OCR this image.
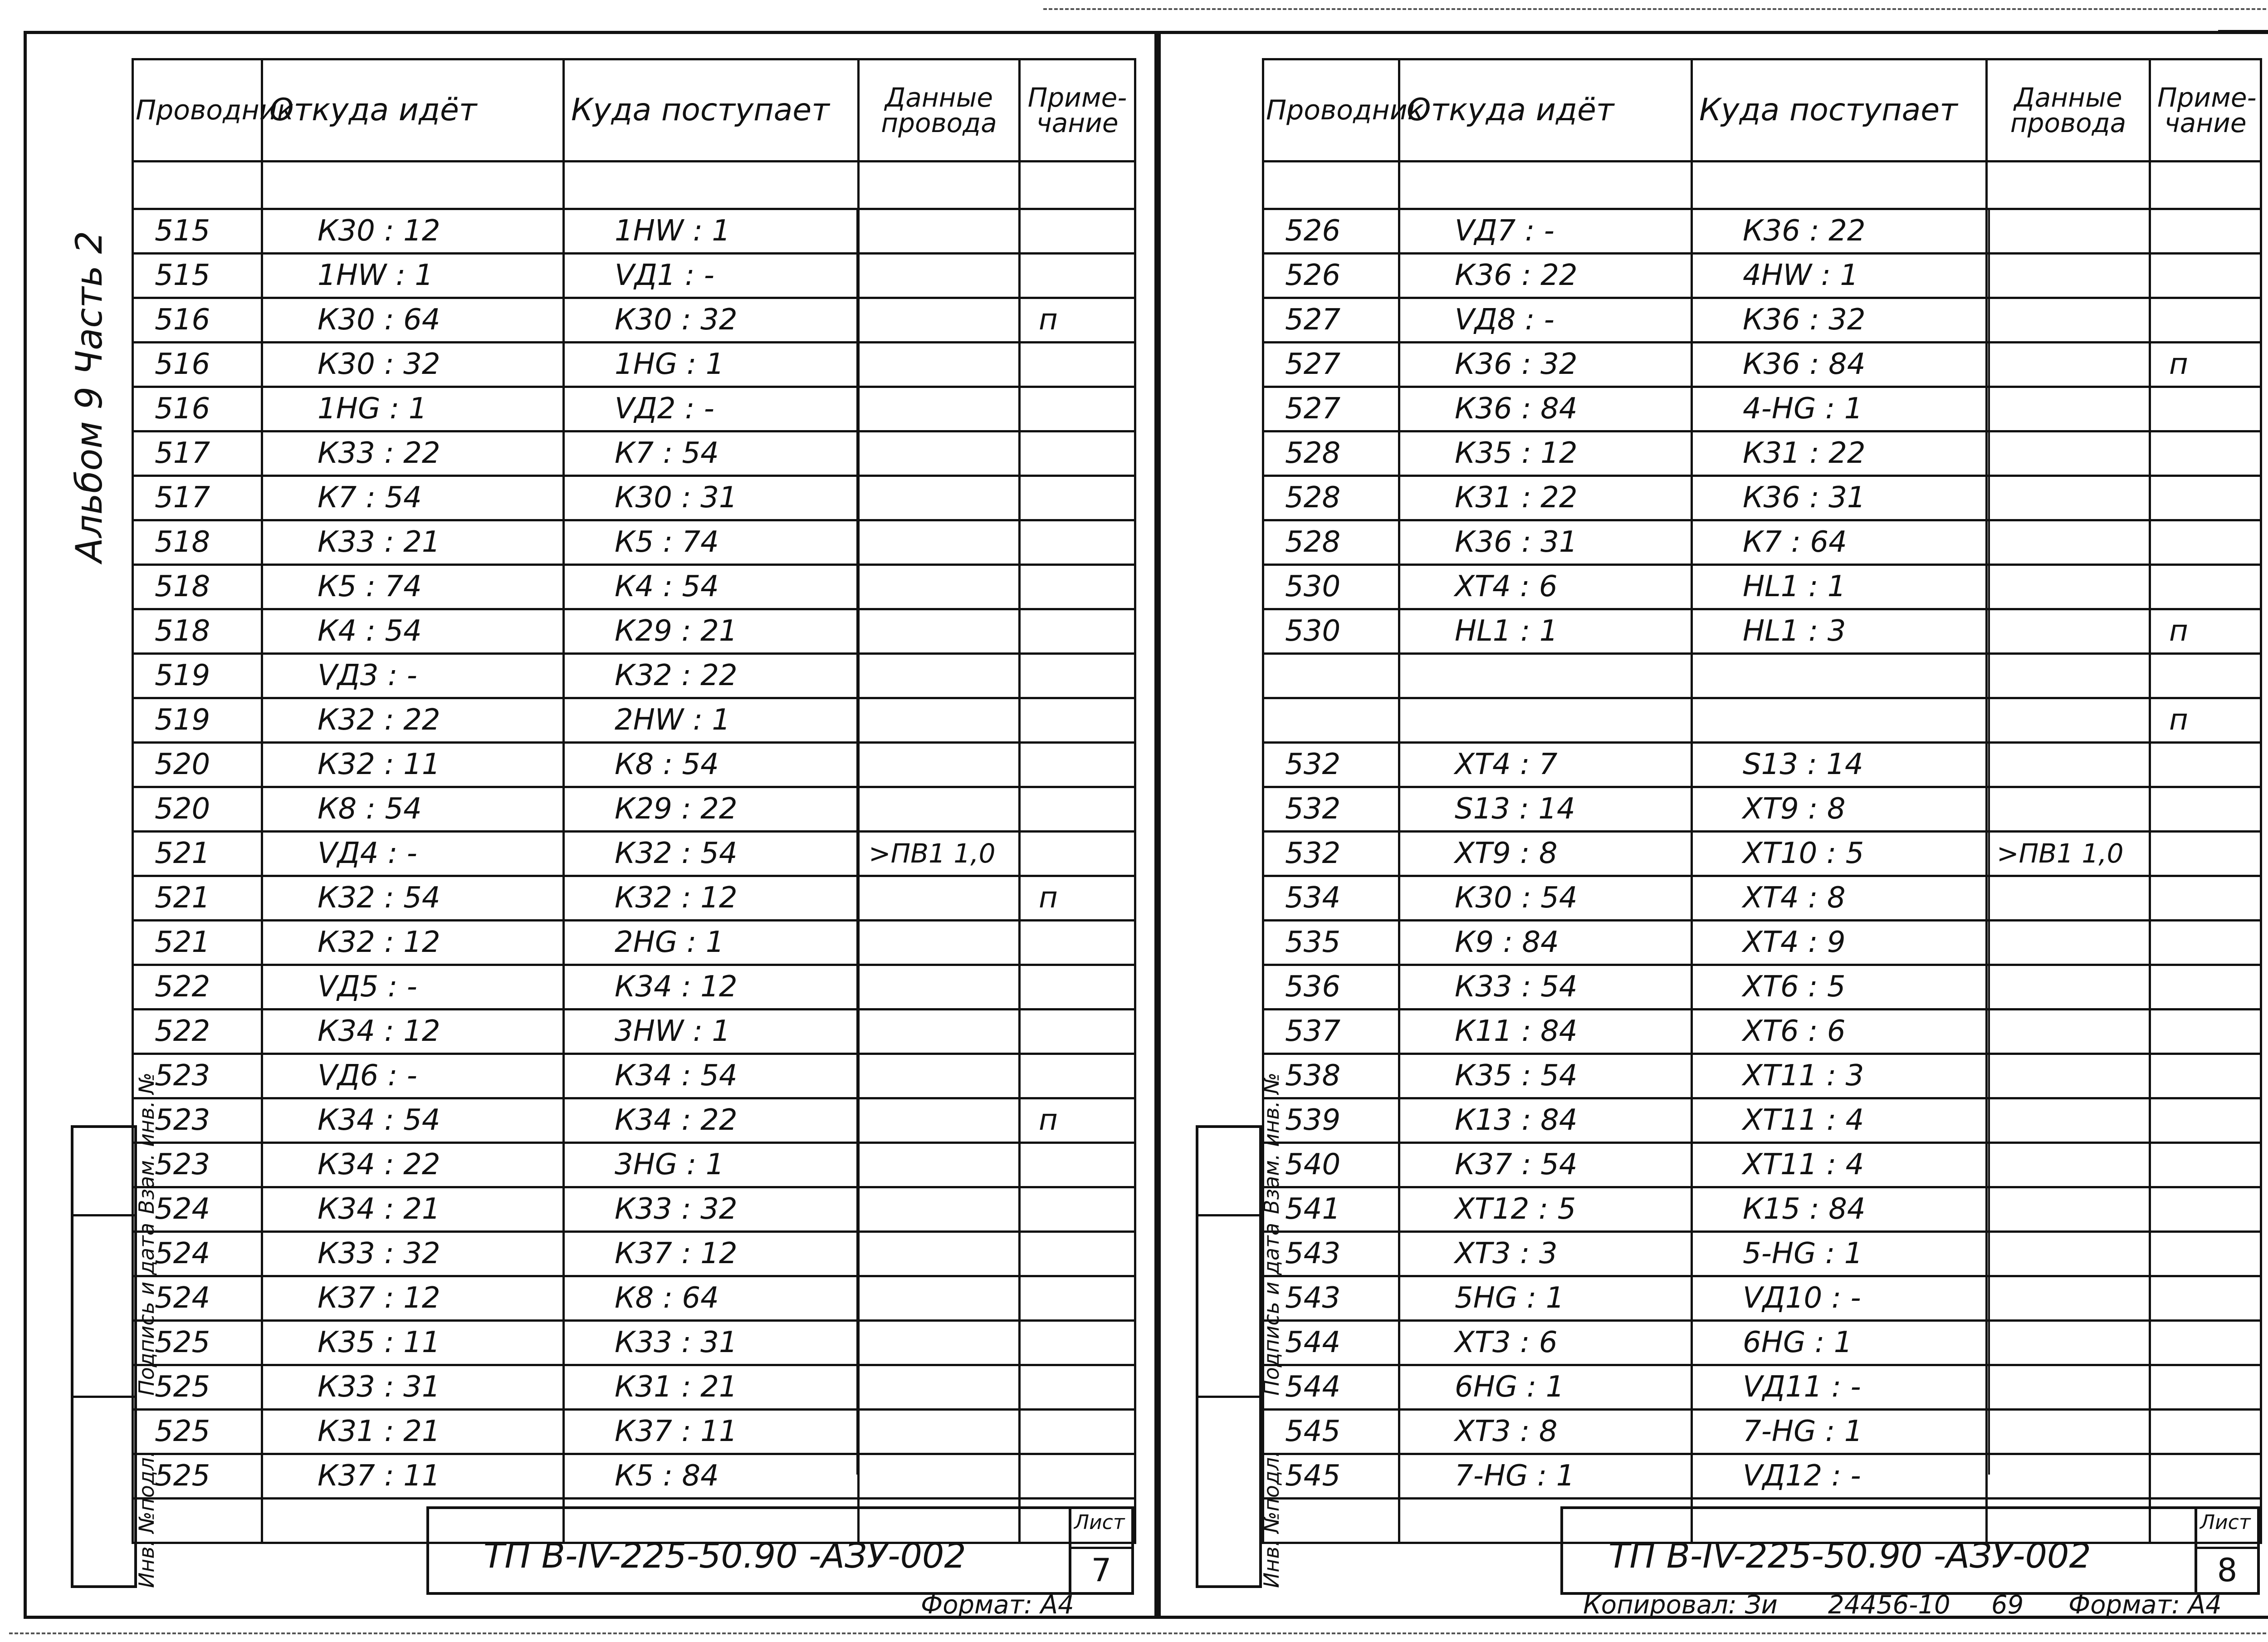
Альбом 9 Часть 2
Взам. инв. №
Подпись и дата
Инв. №подл.
Проводник	Откуда идёт	Куда поступает	Данные провода	Приме- чание

515	К30 : 12	1HW : 1		
515	1HW : 1	VД1 : -		
516	К30 : 64	К30 : 32		п
516	К30 : 32	1HG : 1		
516	1HG : 1	VД2 : -		
517	К33 : 22	К7 : 54		
517	К7 : 54	К30 : 31		
518	К33 : 21	К5 : 74		
518	К5 : 74	К4 : 54		
518	К4 : 54	К29 : 21		
519	VД3 : -	К32 : 22		
519	К32 : 22	2HW : 1		
520	К32 : 11	К8 : 54		
520	К8 : 54	К29 : 22		
521	VД4 : -	К32 : 54	>ПВ1 1,0	
521	К32 : 54	К32 : 12		п
521	К32 : 12	2HG : 1		
522	VД5 : -	К34 : 12		
522	К34 : 12	3HW : 1		
523	VД6 : -	К34 : 54		
523	К34 : 54	К34 : 22		п
523	К34 : 22	3HG : 1		
524	К34 : 21	К33 : 32		
524	К33 : 32	К37 : 12		
524	К37 : 12	К8 : 64		
525	К35 : 11	К33 : 31		
525	К33 : 31	К31 : 21		
525	К31 : 21	К37 : 11		
525	К37 : 11	К5 : 84		

ТП В-IV-225-50.90 -АЗУ-002
Лист
7
Формат: А4
Взам. инв. №
Подпись и дата
Инв. №подл.
Проводник	Откуда идёт	Куда поступает	Данные провода	Приме- чание

526	VД7 : -	К36 : 22		
526	К36 : 22	4HW : 1		
527	VД8 : -	К36 : 32		
527	К36 : 32	К36 : 84		п
527	К36 : 84	4-HG : 1		
528	К35 : 12	К31 : 22		
528	К31 : 22	К36 : 31		
528	К36 : 31	К7 : 64		
530	ХТ4 : 6	HL1 : 1		
530	HL1 : 1	HL1 : 3		п

				п
532	ХТ4 : 7	S13 : 14		
532	S13 : 14	ХТ9 : 8		
532	ХТ9 : 8	ХТ10 : 5	>ПВ1 1,0	
534	К30 : 54	ХТ4 : 8		
535	К9 : 84	ХТ4 : 9		
536	К33 : 54	ХТ6 : 5		
537	К11 : 84	ХТ6 : 6		
538	К35 : 54	ХТ11 : 3		
539	К13 : 84	ХТ11 : 4		
540	К37 : 54	ХТ11 : 4		
541	ХТ12 : 5	К15 : 84		
543	ХТ3 : 3	5-HG : 1		
543	5HG : 1	VД10 : -		
544	ХТ3 : 6	6HG : 1		
544	6HG : 1	VД11 : -		
545	ХТ3 : 8	7-HG : 1		
545	7-HG : 1	VД12 : -		

ТП В-IV-225-50.90 -АЗУ-002
Лист
8
Копировал: Зи 24456-10 69 Формат: А4
